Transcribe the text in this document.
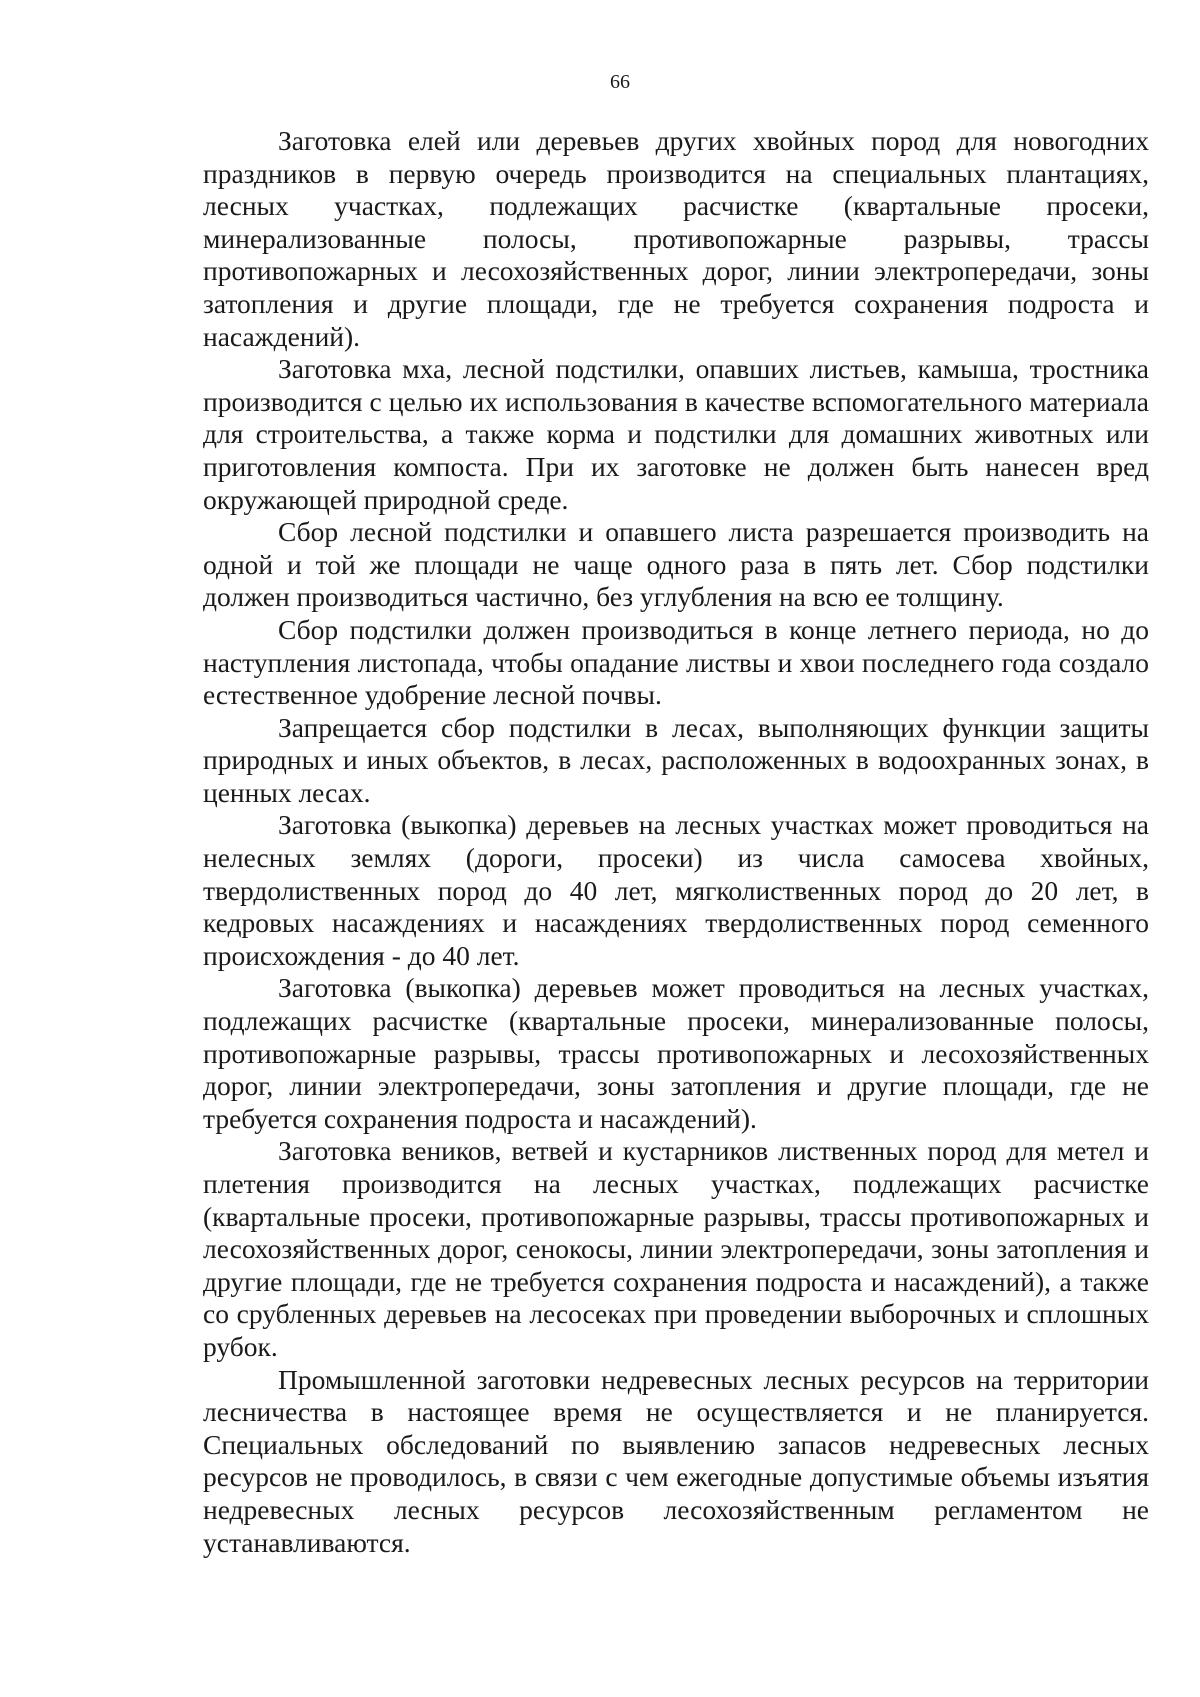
66

Заготовка елей или деревьев других хвойных пород для новогодних праздников в первую очередь производится на специальных плантациях, лесных участках, подлежащих расчистке (квартальные просеки, минерализованные полосы, противопожарные разрывы, трассы противопожарных и лесохозяйственных дорог, линии электропередачи, зоны затопления и другие площади, где не требуется сохранения подроста и насаждений).

Заготовка мха, лесной подстилки, опавших листьев, камыша, тростника производится с целью их использования в качестве вспомогательного материала для строительства, а также корма и подстилки для домашних животных или приготовления компоста. При их заготовке не должен быть нанесен вред окружающей природной среде.

Сбор лесной подстилки и опавшего листа разрешается производить на одной и той же площади не чаще одного раза в пять лет. Сбор подстилки должен производиться частично, без углубления на всю ее толщину.

Сбор подстилки должен производиться в конце летнего периода, но до наступления листопада, чтобы опадание листвы и хвои последнего года создало естественное удобрение лесной почвы.

Запрещается сбор подстилки в лесах, выполняющих функции защиты природных и иных объектов, в лесах, расположенных в водоохранных зонах, в ценных лесах.

Заготовка (выкопка) деревьев на лесных участках может проводиться на нелесных землях (дороги, просеки) из числа самосева хвойных, твердолиственных пород до 40 лет, мягколиственных пород до 20 лет, в кедровых насаждениях и насаждениях твердолиственных пород семенного происхождения - до 40 лет.

Заготовка (выкопка) деревьев может проводиться на лесных участках, подлежащих расчистке (квартальные просеки, минерализованные полосы, противопожарные разрывы, трассы противопожарных и лесохозяйственных дорог, линии электропередачи, зоны затопления и другие площади, где не требуется сохранения подроста и насаждений).

Заготовка веников, ветвей и кустарников лиственных пород для метел и плетения производится на лесных участках, подлежащих расчистке (квартальные просеки, противопожарные разрывы, трассы противопожарных и лесохозяйственных дорог, сенокосы, линии электропередачи, зоны затопления и другие площади, где не требуется сохранения подроста и насаждений), а также со срубленных деревьев на лесосеках при проведении выборочных и сплошных рубок.

Промышленной заготовки недревесных лесных ресурсов на территории лесничества в настоящее время не осуществляется и не планируется. Специальных обследований по выявлению запасов недревесных лесных ресурсов не проводилось, в связи с чем ежегодные допустимые объемы изъятия недревесных лесных ресурсов лесохозяйственным регламентом не устанавливаются.
